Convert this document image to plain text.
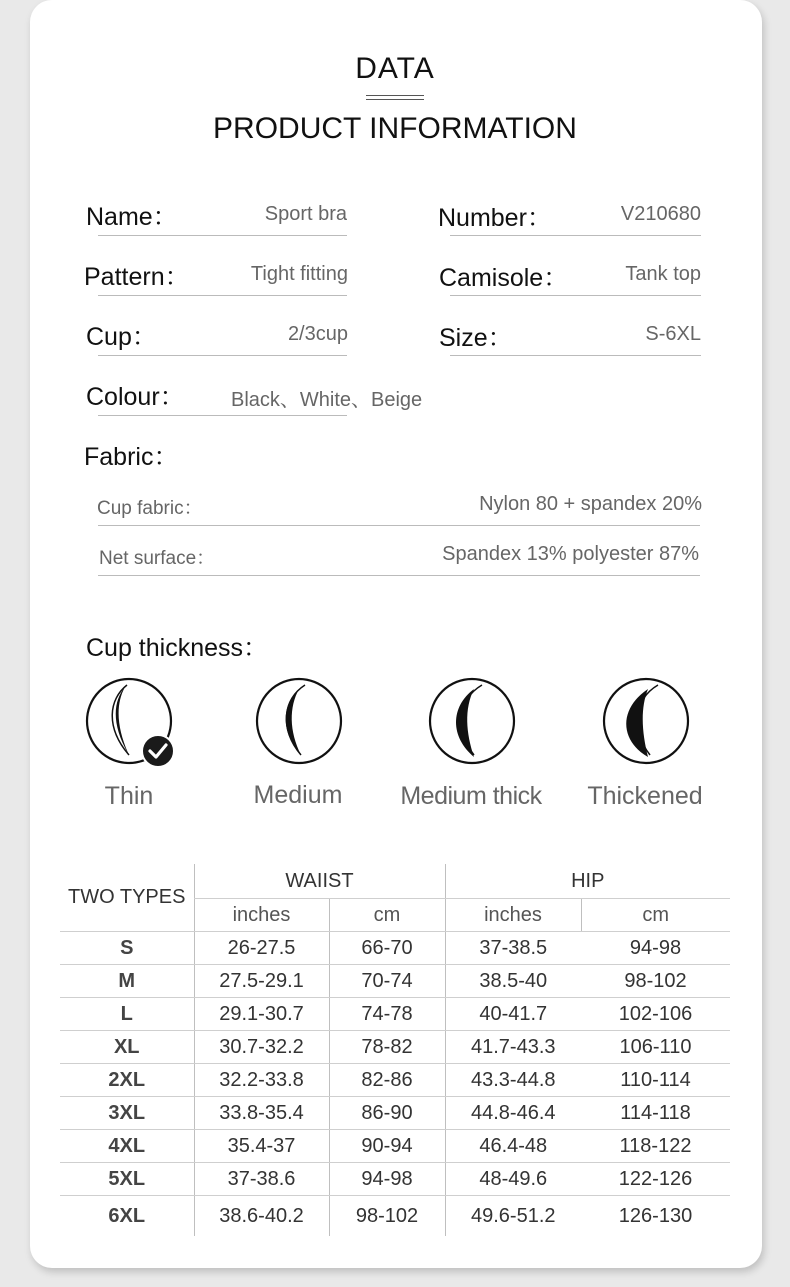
DATA
PRODUCT INFORMATION
Name：	Sport bra	Number：	V210680
Pattern：	Tight fitting	Camisole：	Tank top
Cup：	2/3cup	Size：	S-6XL
Colour： Black、White、Beige
Fabric：
Cup fabric：	Nylon 80 + spandex 20%
Net surface：	Spandex 13% polyester 87%
Cup thickness：
Thin	Medium	Medium thick	Thickened
TWO TYPES	WAIIST		HIP	
	inches	cm	inches	cm
S	26-27.5	66-70	37-38.5	94-98
M	27.5-29.1	70-74	38.5-40	98-102
L	29.1-30.7	74-78	40-41.7	102-106
XL	30.7-32.2	78-82	41.7-43.3	106-110
2XL	32.2-33.8	82-86	43.3-44.8	110-114
3XL	33.8-35.4	86-90	44.8-46.4	114-118
4XL	35.4-37	90-94	46.4-48	118-122
5XL	37-38.6	94-98	48-49.6	122-126
6XL	38.6-40.2	98-102	49.6-51.2	126-130
